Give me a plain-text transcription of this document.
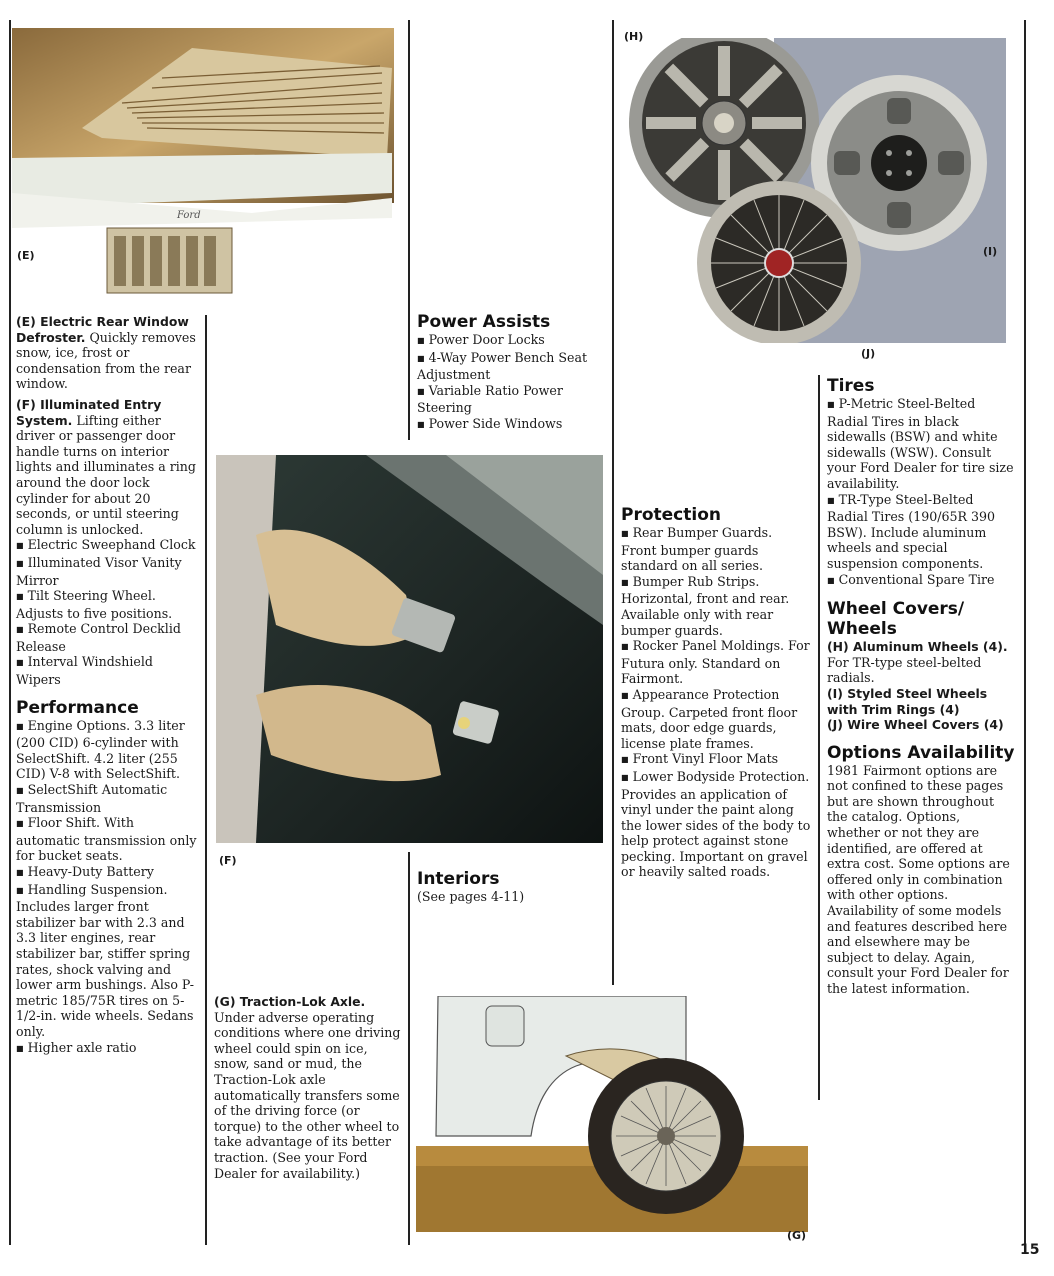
Ford
(E)

(E) Electric Rear Window Defroster. Quickly removes snow, ice, frost or condensation from the rear window.

(F) Illuminated Entry System. Lifting either driver or passenger door handle turns on interior lights and illuminates a ring around the door lock cylinder for about 20 seconds, or until steering column is unlocked.

■ Electric Sweephand Clock
■ Illuminated Visor Vanity Mirror
■ Tilt Steering Wheel. Adjusts to five positions.
■ Remote Control Decklid Release
■ Interval Windshield Wipers

Performance

■ Engine Options. 3.3 liter (200 CID) 6-cylinder with SelectShift. 4.2 liter (255 CID) V-8 with SelectShift.
■ SelectShift Automatic Transmission
■ Floor Shift. With automatic transmission only for bucket seats.
■ Heavy-Duty Battery
■ Handling Suspension. Includes larger front stabilizer bar with 2.3 and 3.3 liter engines, rear stabilizer bar, stiffer spring rates, shock valving and lower arm bushings. Also P-metric 185/75R tires on 5-1/2-in. wide wheels. Sedans only.
■ Higher axle ratio

(F)

(G) Traction-Lok Axle.
Under adverse operating conditions where one driving wheel could spin on ice, snow, sand or mud, the Traction-Lok axle automatically transfers some of the driving force (or torque) to the other wheel to take advantage of its better traction. (See your Ford Dealer for availability.)

Power Assists

■ Power Door Locks
■ 4-Way Power Bench Seat Adjustment
■ Variable Ratio Power Steering
■ Power Side Windows

Interiors

(See pages 4-11)

(G)
(H)
(I)
(J)
Protection

■ Rear Bumper Guards. Front bumper guards standard on all series.
■ Bumper Rub Strips. Horizontal, front and rear. Available only with rear bumper guards.
■ Rocker Panel Moldings. For Futura only. Standard on Fairmont.
■ Appearance Protection Group. Carpeted front floor mats, door edge guards, license plate frames.
■ Front Vinyl Floor Mats
■ Lower Bodyside Protection. Provides an application of vinyl under the paint along the lower sides of the body to help protect against stone pecking. Important on gravel or heavily salted roads.

Tires

■ P-Metric Steel-Belted Radial Tires in black sidewalls (BSW) and white sidewalls (WSW). Consult your Ford Dealer for tire size availability.
■ TR-Type Steel-Belted Radial Tires (190/65R 390 BSW). Include aluminum wheels and special suspension components.
■ Conventional Spare Tire

Wheel Covers/ Wheels

(H) Aluminum Wheels (4). For TR-type steel-belted radials.
(I) Styled Steel Wheels with Trim Rings (4)
(J) Wire Wheel Covers (4)

Options Availability

1981 Fairmont options are not confined to these pages but are shown throughout the catalog. Options, whether or not they are identified, are offered at extra cost. Some options are offered only in combination with other options. Availability of some models and features described here and elsewhere may be subject to delay. Again, consult your Ford Dealer for the latest information.

15
